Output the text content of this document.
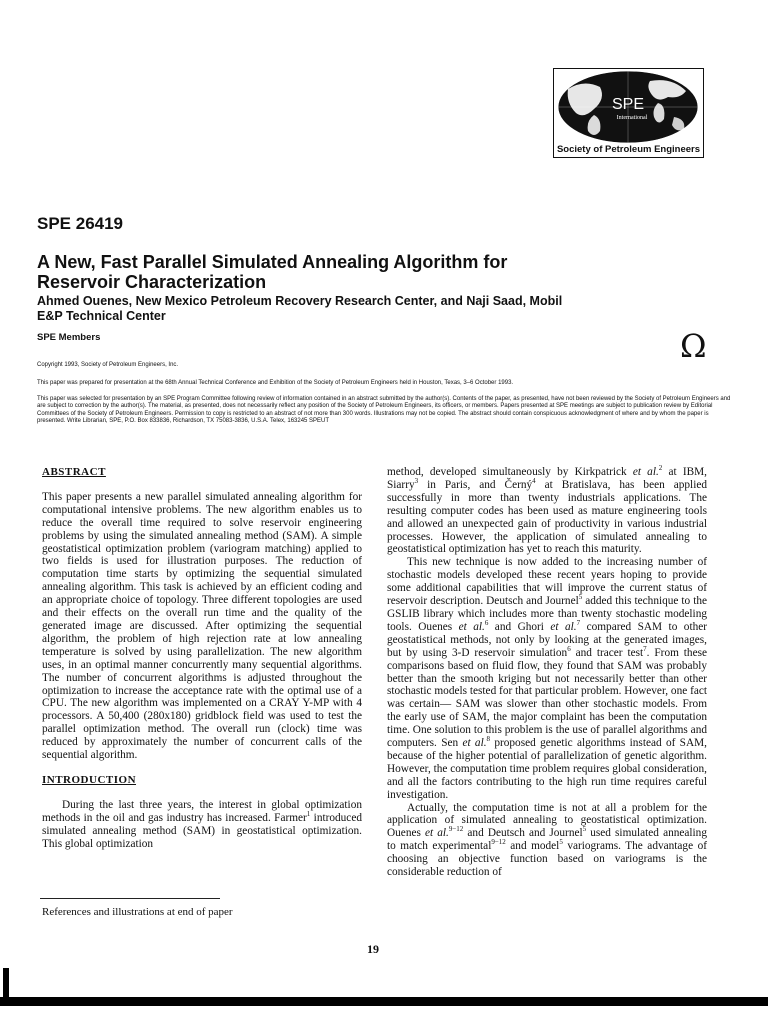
SPE
International
Society of Petroleum Engineers
SPE 26419
A New, Fast Parallel Simulated Annealing Algorithm for Reservoir Characterization
Ahmed Ouenes, New Mexico Petroleum Recovery Research Center, and Naji Saad, Mobil E&P Technical Center
SPE Members	Ω
Copyright 1993, Society of Petroleum Engineers, Inc.
This paper was prepared for presentation at the 68th Annual Technical Conference and Exhibition of the Society of Petroleum Engineers held in Houston, Texas, 3–6 October 1993.
This paper was selected for presentation by an SPE Program Committee following review of information contained in an abstract submitted by the author(s). Contents of the paper, as presented, have not been reviewed by the Society of Petroleum Engineers and are subject to correction by the author(s). The material, as presented, does not necessarily reflect any position of the Society of Petroleum Engineers, its officers, or members. Papers presented at SPE meetings are subject to publication review by Editorial Committees of the Society of Petroleum Engineers. Permission to copy is restricted to an abstract of not more than 300 words. Illustrations may not be copied. The abstract should contain conspicuous acknowledgment of where and by whom the paper is presented. Write Librarian, SPE, P.O. Box 833836, Richardson, TX 75083-3836, U.S.A. Telex, 163245 SPEUT
ABSTRACT
This paper presents a new parallel simulated annealing algorithm for computational intensive problems. The new algorithm enables us to reduce the overall time required to solve reservoir engineering problems by using the simulated annealing method (SAM). A simple geostatistical optimization problem (variogram matching) applied to two fields is used for illustration purposes. The reduction of computation time starts by optimizing the sequential simulated annealing algorithm. This task is achieved by an efficient coding and an appropriate choice of topology. Three different topologies are used and their effects on the overall run time and the quality of the generated image are discussed. After optimizing the sequential algorithm, the problem of high rejection rate at low annealing temperature is solved by using parallelization. The new algorithm uses, in an optimal manner concurrently many sequential algorithms. The number of concurrent algorithms is adjusted throughout the optimization to increase the acceptance rate with the optimal use of a CPU. The new algorithm was implemented on a CRAY Y-MP with 4 processors. A 50,400 (280x180) gridblock field was used to test the parallel optimization method. The overall run (clock) time was reduced by approximately the number of concurrent calls of the sequential algorithm.
INTRODUCTION
During the last three years, the interest in global optimization methods in the oil and gas industry has increased. Farmer$^1$ introduced simulated annealing method (SAM) in geostatistical optimization. This global optimization
References and illustrations at end of paper
method, developed simultaneously by Kirkpatrick et al.$^2$ at IBM, Siarry$^3$ in Paris, and Černý$^4$ at Bratislava, has been applied successfully in more than twenty industrials applications. The resulting computer codes has been used as mature engineering tools and allowed an unexpected gain of productivity in various industrial processes. However, the application of simulated annealing to geostatistical optimization has yet to reach this maturity.
This new technique is now added to the increasing number of stochastic models developed these recent years hoping to provide some additional capabilities that will improve the current status of reservoir description. Deutsch and Journel$^5$ added this technique to the GSLIB library which includes more than twenty stochastic modeling tools. Ouenes et al.$^6$ and Ghori et al.$^7$ compared SAM to other geostatistical methods, not only by looking at the generated images, but by using 3-D reservoir simulation$^6$ and tracer test$^7$. From these comparisons based on fluid flow, they found that SAM was probably better than the smooth kriging but not necessarily better than other stochastic models tested for that particular problem. However, one fact was certain— SAM was slower than other stochastic models. From the early use of SAM, the major complaint has been the computation time. One solution to this problem is the use of parallel algorithms and computers. Sen et al.$^8$ proposed genetic algorithms instead of SAM, because of the higher potential of parallelization of genetic algorithm. However, the computation time problem requires global consideration, and all the factors contributing to the high run time requires careful investigation.
Actually, the computation time is not at all a problem for the application of simulated annealing to geostatistical optimization. Ouenes et al.$^{9-12}$ and Deutsch and Journel$^5$ used simulated annealing to match experimental$^{9-12}$ and model$^5$ variograms. The advantage of choosing an objective function based on variograms is the considerable reduction of
19
